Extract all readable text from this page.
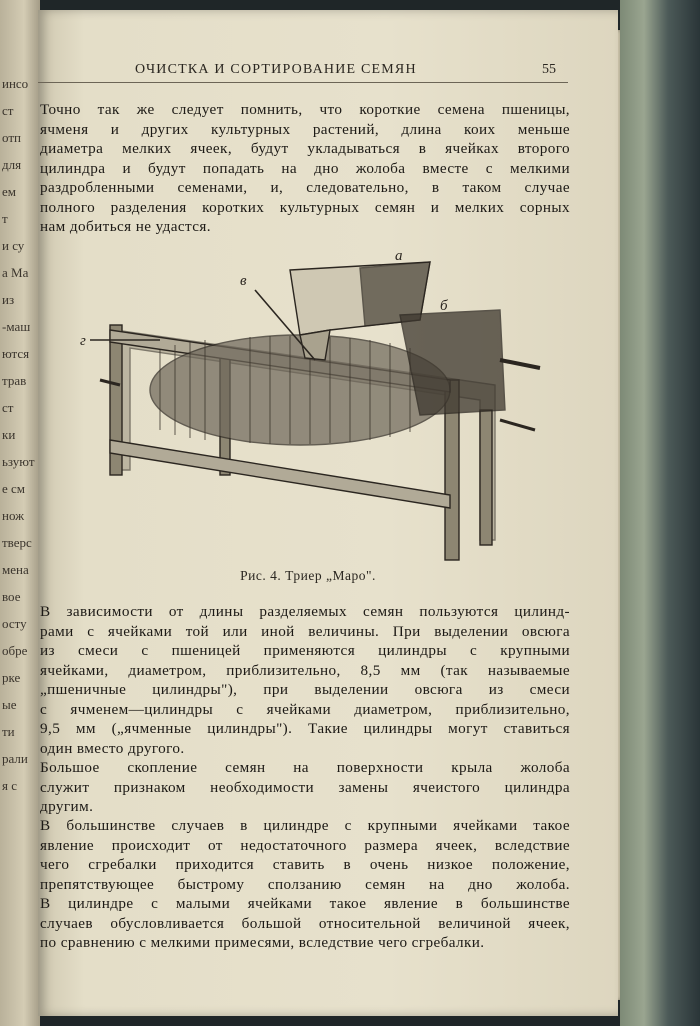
инсо
ст
отп
для
ем
т
и су
а Ма
из
-маш
ются
трав
ст
ки
ьзуют
е см
нож
тверс
мена
вое
осту
обре
рке
ые
ти
рали
я с
ОЧИСТКА И СОРТИРОВАНИЕ СЕМЯН	55
Точно так же следует помнить, что короткие семена пшеницы,
ячменя и других культурных растений, длина коих меньше
диаметра мелких ячеек, будут укладываться в ячейках второго
цилиндра и будут попадать на дно жолоба вместе с мелкими
раздробленными семенами, и, следовательно, в таком случае
полного разделения коротких культурных семян и мелких сорных
нам добиться не удастся.
а
б
в
г
Рис. 4. Триер „Маро".
В зависимости от длины разделяемых семян пользуются цилинд-
рами с ячейками той или иной величины. При выделении овсюга
из смеси с пшеницей применяются цилиндры с крупными
ячейками, диаметром, приблизительно, 8,5 мм (так называемые
„пшеничные цилиндры"), при выделении овсюга из смеси
с ячменем—цилиндры с ячейками диаметром, приблизительно,
9,5 мм („ячменные цилиндры"). Такие цилиндры могут ставиться
один вместо другого.
Большое скопление семян на поверхности крыла жолоба
служит признаком необходимости замены ячеистого цилиндра
другим.
В большинстве случаев в цилиндре с крупными ячейками такое
явление происходит от недостаточного размера ячеек, вследствие
чего сгребалки приходится ставить в очень низкое положение,
препятствующее быстрому сползанию семян на дно жолоба.
В цилиндре с малыми ячейками такое явление в большинстве
случаев обусловливается большой относительной величиной ячеек,
по сравнению с мелкими примесями, вследствие чего сгребалки.
